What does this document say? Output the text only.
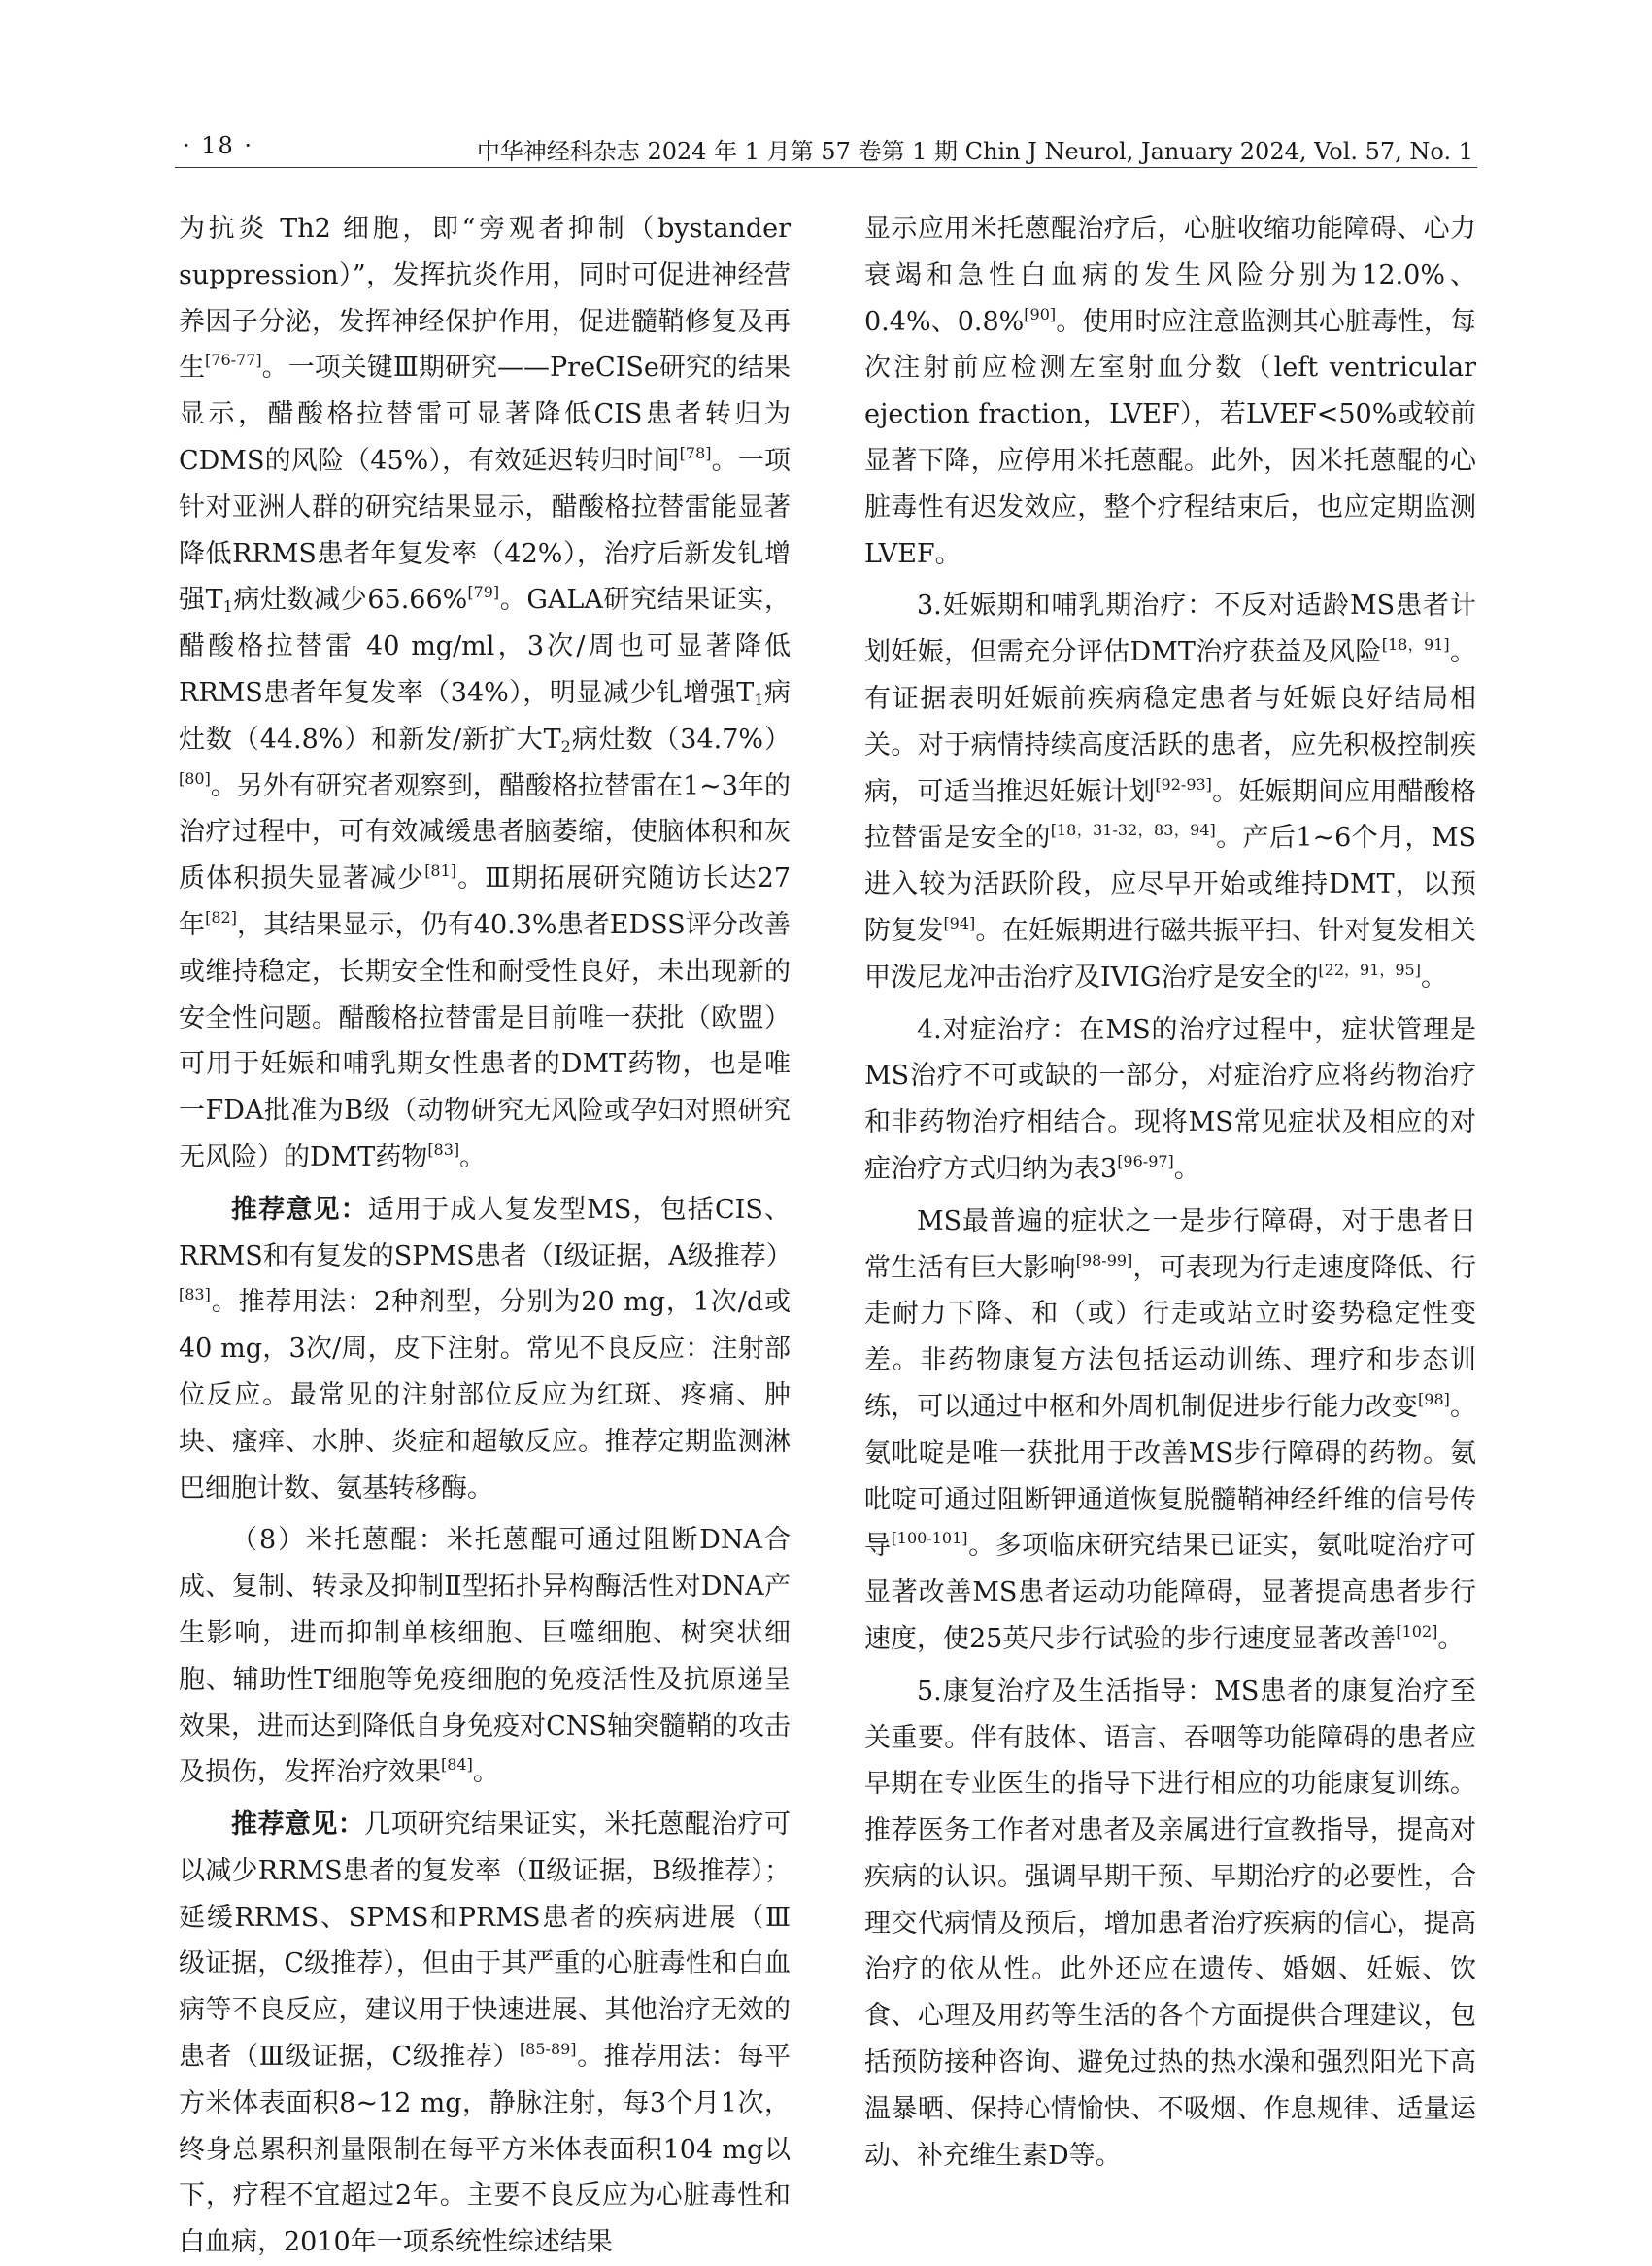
· 18 ·	中华神经科杂志 2024 年 1 月第 57 卷第 1 期 Chin J Neurol, January 2024, Vol. 57, No. 1

为抗炎 Th2 细胞，即“旁观者抑制（bystander suppression）”，发挥抗炎作用，同时可促进神经营养因子分泌，发挥神经保护作用，促进髓鞘修复及再生[76-77]。一项关键Ⅲ期研究——PreCISe研究的结果显示，醋酸格拉替雷可显著降低CIS患者转归为CDMS的风险（45%），有效延迟转归时间[78]。一项针对亚洲人群的研究结果显示，醋酸格拉替雷能显著降低RRMS患者年复发率（42%），治疗后新发钆增强$T_1$病灶数减少65.66%[79]。GALA研究结果证实，醋酸格拉替雷 40 mg/ml，3次/周也可显著降低RRMS患者年复发率（34%），明显减少钆增强$T_1$病灶数（44.8%）和新发/新扩大$T_2$病灶数（34.7%）[80]。另外有研究者观察到，醋酸格拉替雷在1~3年的治疗过程中，可有效减缓患者脑萎缩，使脑体积和灰质体积损失显著减少[81]。Ⅲ期拓展研究随访长达27年[82]，其结果显示，仍有40.3%患者EDSS评分改善或维持稳定，长期安全性和耐受性良好，未出现新的安全性问题。醋酸格拉替雷是目前唯一获批（欧盟）可用于妊娠和哺乳期女性患者的DMT药物，也是唯一FDA批准为B级（动物研究无风险或孕妇对照研究无风险）的DMT药物[83]。

推荐意见：适用于成人复发型MS，包括CIS、RRMS和有复发的SPMS患者（Ⅰ级证据，A级推荐）[83]。推荐用法：2种剂型，分别为20 mg，1次/d或40 mg，3次/周，皮下注射。常见不良反应：注射部位反应。最常见的注射部位反应为红斑、疼痛、肿块、瘙痒、水肿、炎症和超敏反应。推荐定期监测淋巴细胞计数、氨基转移酶。

（8）米托蒽醌：米托蒽醌可通过阻断DNA合成、复制、转录及抑制Ⅱ型拓扑异构酶活性对DNA产生影响，进而抑制单核细胞、巨噬细胞、树突状细胞、辅助性T细胞等免疫细胞的免疫活性及抗原递呈效果，进而达到降低自身免疫对CNS轴突髓鞘的攻击及损伤，发挥治疗效果[84]。

推荐意见：几项研究结果证实，米托蒽醌治疗可以减少RRMS患者的复发率（Ⅱ级证据，B级推荐）；延缓RRMS、SPMS和PRMS患者的疾病进展（Ⅲ级证据，C级推荐），但由于其严重的心脏毒性和白血病等不良反应，建议用于快速进展、其他治疗无效的患者（Ⅲ级证据，C级推荐）[85-89]。推荐用法：每平方米体表面积8~12 mg，静脉注射，每3个月1次，终身总累积剂量限制在每平方米体表面积104 mg以下，疗程不宜超过2年。主要不良反应为心脏毒性和白血病，2010年一项系统性综述结果

显示应用米托蒽醌治疗后，心脏收缩功能障碍、心力衰竭和急性白血病的发生风险分别为12.0%、0.4%、0.8%[90]。使用时应注意监测其心脏毒性，每次注射前应检测左室射血分数（left ventricular ejection fraction，LVEF），若LVEF<50%或较前显著下降，应停用米托蒽醌。此外，因米托蒽醌的心脏毒性有迟发效应，整个疗程结束后，也应定期监测LVEF。

3.妊娠期和哺乳期治疗：不反对适龄MS患者计划妊娠，但需充分评估DMT治疗获益及风险[18，91]。有证据表明妊娠前疾病稳定患者与妊娠良好结局相关。对于病情持续高度活跃的患者，应先积极控制疾病，可适当推迟妊娠计划[92-93]。妊娠期间应用醋酸格拉替雷是安全的[18，31-32，83，94]。产后1~6个月，MS进入较为活跃阶段，应尽早开始或维持DMT，以预防复发[94]。在妊娠期进行磁共振平扫、针对复发相关甲泼尼龙冲击治疗及IVIG治疗是安全的[22，91，95]。

4.对症治疗：在MS的治疗过程中，症状管理是MS治疗不可或缺的一部分，对症治疗应将药物治疗和非药物治疗相结合。现将MS常见症状及相应的对症治疗方式归纳为表3[96-97]。

MS最普遍的症状之一是步行障碍，对于患者日常生活有巨大影响[98-99]，可表现为行走速度降低、行走耐力下降、和（或）行走或站立时姿势稳定性变差。非药物康复方法包括运动训练、理疗和步态训练，可以通过中枢和外周机制促进步行能力改变[98]。氨吡啶是唯一获批用于改善MS步行障碍的药物。氨吡啶可通过阻断钾通道恢复脱髓鞘神经纤维的信号传导[100-101]。多项临床研究结果已证实，氨吡啶治疗可显著改善MS患者运动功能障碍，显著提高患者步行速度，使25英尺步行试验的步行速度显著改善[102]。

5.康复治疗及生活指导：MS患者的康复治疗至关重要。伴有肢体、语言、吞咽等功能障碍的患者应早期在专业医生的指导下进行相应的功能康复训练。推荐医务工作者对患者及亲属进行宣教指导，提高对疾病的认识。强调早期干预、早期治疗的必要性，合理交代病情及预后，增加患者治疗疾病的信心，提高治疗的依从性。此外还应在遗传、婚姻、妊娠、饮食、心理及用药等生活的各个方面提供合理建议，包括预防接种咨询、避免过热的热水澡和强烈阳光下高温暴晒、保持心情愉快、不吸烟、作息规律、适量运动、补充维生素D等。
